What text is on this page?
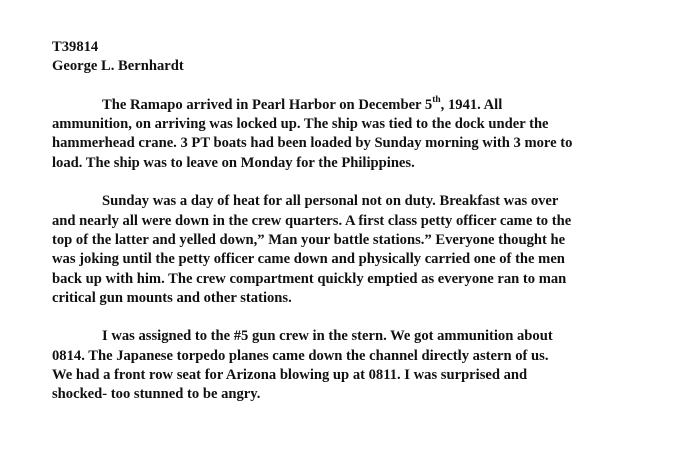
T39814
George L. Bernhardt

The Ramapo arrived in Pearl Harbor on December 5th, 1941. All
ammunition, on arriving was locked up. The ship was tied to the dock under the
hammerhead crane. 3 PT boats had been loaded by Sunday morning with 3 more to
load. The ship was to leave on Monday for the Philippines.

Sunday was a day of heat for all personal not on duty. Breakfast was over
and nearly all were down in the crew quarters. A first class petty officer came to the
top of the latter and yelled down,” Man your battle stations.” Everyone thought he
was joking until the petty officer came down and physically carried one of the men
back up with him. The crew compartment quickly emptied as everyone ran to man
critical gun mounts and other stations.

I was assigned to the #5 gun crew in the stern. We got ammunition about
0814. The Japanese torpedo planes came down the channel directly astern of us.
We had a front row seat for Arizona blowing up at 0811. I was surprised and
shocked- too stunned to be angry.
